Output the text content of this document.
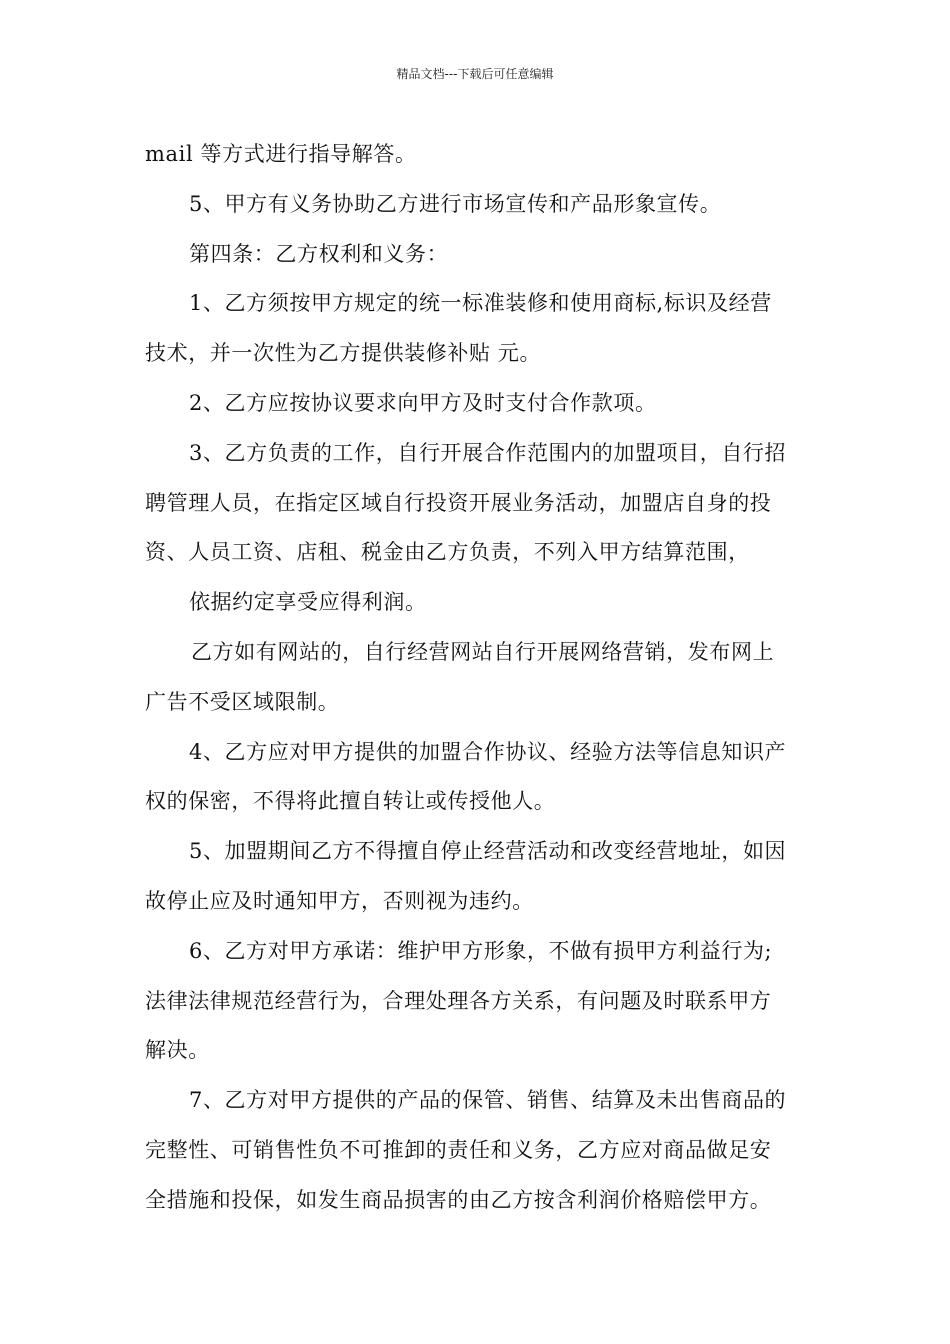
精品文档---下载后可任意编辑
mail 等方式进行指导解答。
5、甲方有义务协助乙方进行市场宣传和产品形象宣传。
第四条：乙方权利和义务：
1、乙方须按甲方规定的统一标准装修和使用商标,标识及经营
技术，并一次性为乙方提供装修补贴 元。
2、乙方应按协议要求向甲方及时支付合作款项。
3、乙方负责的工作，自行开展合作范围内的加盟项目，自行招
聘管理人员，在指定区域自行投资开展业务活动，加盟店自身的投
资、人员工资、店租、税金由乙方负责，不列入甲方结算范围，
依据约定享受应得利润。
乙方如有网站的，自行经营网站自行开展网络营销，发布网上
广告不受区域限制。
4、乙方应对甲方提供的加盟合作协议、经验方法等信息知识产
权的保密，不得将此擅自转让或传授他人。
5、加盟期间乙方不得擅自停止经营活动和改变经营地址，如因
故停止应及时通知甲方，否则视为违约。
6、乙方对甲方承诺：维护甲方形象，不做有损甲方利益行为;
法律法律规范经营行为，合理处理各方关系，有问题及时联系甲方
解决。
7、乙方对甲方提供的产品的保管、销售、结算及未出售商品的
完整性、可销售性负不可推卸的责任和义务，乙方应对商品做足安
全措施和投保，如发生商品损害的由乙方按含利润价格赔偿甲方。
